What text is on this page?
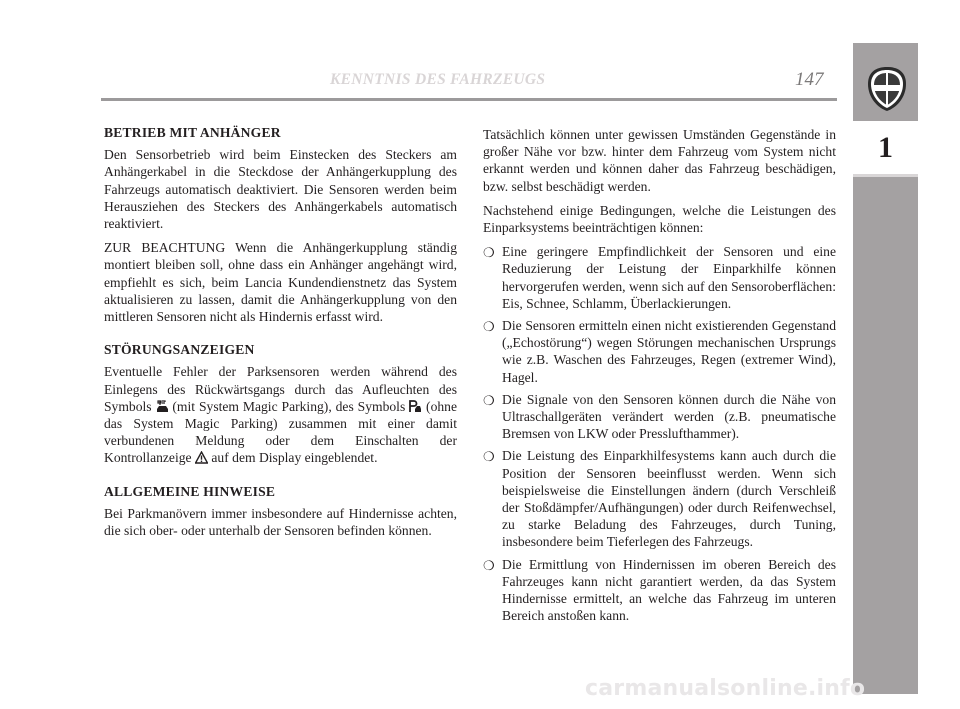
KENNTNIS DES FAHRZEUGS	147
1
BETRIEB MIT ANHÄNGER

Den Sensorbetrieb wird beim Einstecken des Steckers am Anhängerkabel in die Steckdose der Anhängerkupplung des Fahrzeugs automatisch deaktiviert. Die Sensoren werden beim Herausziehen des Steckers des Anhängerkabels automatisch reaktiviert.

ZUR BEACHTUNG Wenn die Anhängerkupplung ständig montiert bleiben soll, ohne dass ein Anhänger angehängt wird, empfiehlt es sich, beim Lancia Kundendienstnetz das System aktualisieren zu lassen, damit die Anhängerkupplung von den mittleren Sensoren nicht als Hindernis erfasst wird.

STÖRUNGSANZEIGEN

Eventuelle Fehler der Parksensoren werden während des Einlegens des Rückwärtsgangs durch das Aufleuchten des Symbols (mit System Magic Parking), des Symbols (ohne das System Magic Parking) zusammen mit einer damit verbundenen Meldung oder dem Einschalten der Kontrollanzeige auf dem Display eingeblendet.

ALLGEMEINE HINWEISE

Bei Parkmanövern immer insbesondere auf Hindernisse achten, die sich ober- oder unterhalb der Sensoren befinden können.

Tatsächlich können unter gewissen Umständen Gegenstände in großer Nähe vor bzw. hinter dem Fahrzeug vom System nicht erkannt werden und können daher das Fahrzeug beschädigen, bzw. selbst beschädigt werden.

Nachstehend einige Bedingungen, welche die Leistungen des Einparksystems beeinträchtigen können:

❍ Eine geringere Empfindlichkeit der Sensoren und eine Reduzierung der Leistung der Einparkhilfe können hervorgerufen werden, wenn sich auf den Sensoroberflächen: Eis, Schnee, Schlamm, Überlackierungen.
❍ Die Sensoren ermitteln einen nicht existierenden Gegenstand („Echostörung“) wegen Störungen mechanischen Ursprungs wie z.B. Waschen des Fahrzeuges, Regen (extremer Wind), Hagel.
❍ Die Signale von den Sensoren können durch die Nähe von Ultraschallgeräten verändert werden (z.B. pneumatische Bremsen von LKW oder Presslufthammer).
❍ Die Leistung des Einparkhilfesystems kann auch durch die Position der Sensoren beeinflusst werden. Wenn sich beispielsweise die Einstellungen ändern (durch Verschleiß der Stoßdämpfer/Aufhängungen) oder durch Reifenwechsel, zu starke Beladung des Fahrzeuges, durch Tuning, insbesondere beim Tieferlegen des Fahrzeugs.
❍ Die Ermittlung von Hindernissen im oberen Bereich des Fahrzeuges kann nicht garantiert werden, da das System Hindernisse ermittelt, an welche das Fahrzeug im unteren Bereich anstoßen kann.
carmanualsonline.info
